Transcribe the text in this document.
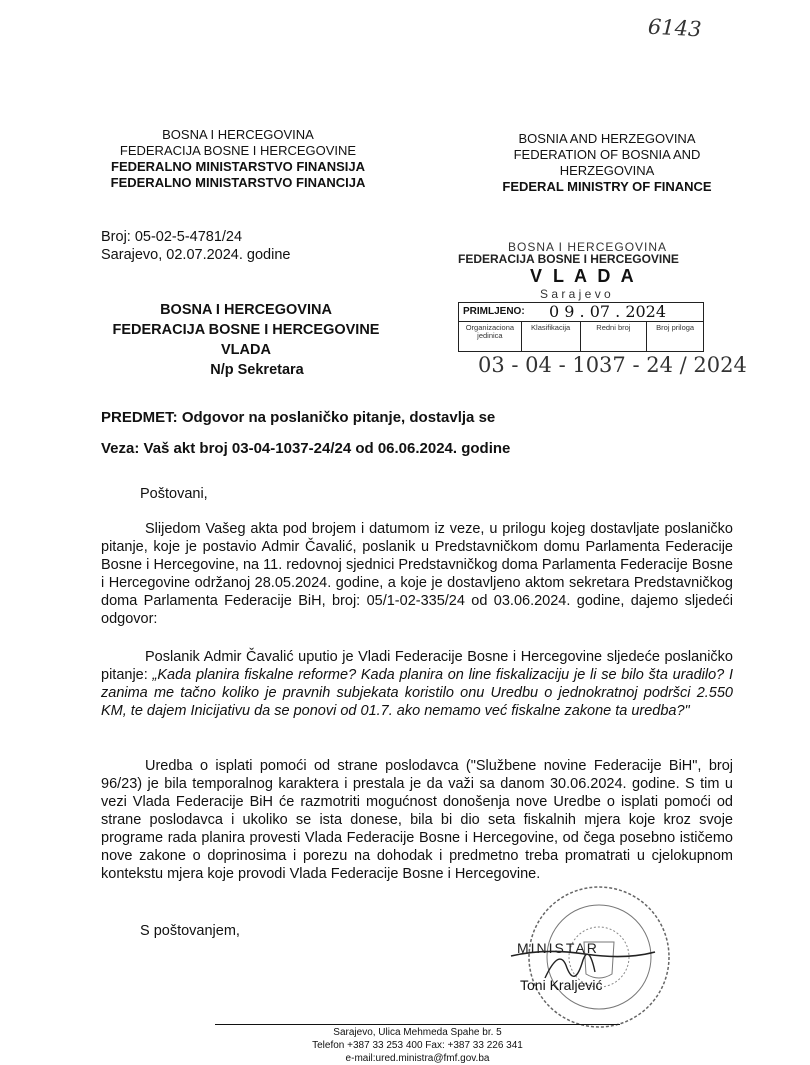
6143
BOSNA I HERCEGOVINA
FEDERACIJA BOSNE I HERCEGOVINE
FEDERALNO MINISTARSTVO FINANSIJA
FEDERALNO MINISTARSTVO FINANCIJA
BOSNIA AND HERZEGOVINA
FEDERATION OF BOSNIA AND
HERZEGOVINA
FEDERAL MINISTRY OF FINANCE
Broj: 05-02-5-4781/24
Sarajevo, 02.07.2024. godine
BOSNA I HERCEGOVINA
FEDERACIJA BOSNE I HERCEGOVINE
VLADA
N/p Sekretara
BOSNA I HERCEGOVINA
FEDERACIJA BOSNE I HERCEGOVINE
V L A D A
S a r a j e v o
PRIMLJENO: 0 9 . 07 . 2024
Organizaciona jedinica
Klasifikacija	Redni broj	Broj priloga
03 - 04 - 1037 - 24 / 2024
PREDMET: Odgovor na poslaničko pitanje, dostavlja se
Veza: Vaš akt broj 03-04-1037-24/24 od 06.06.2024. godine
Poštovani,
Slijedom Vašeg akta pod brojem i datumom iz veze, u prilogu kojeg dostavljate poslaničko pitanje, koje je postavio Admir Čavalić, poslanik u Predstavničkom domu Parlamenta Federacije Bosne i Hercegovine, na 11. redovnoj sjednici Predstavničkog doma Parlamenta Federacije Bosne i Hercegovine održanoj 28.05.2024. godine, a koje je dostavljeno aktom sekretara Predstavničkog doma Parlamenta Federacije BiH, broj: 05/1-02-335/24 od 03.06.2024. godine, dajemo sljedeći odgovor:
Poslanik Admir Čavalić uputio je Vladi Federacije Bosne i Hercegovine sljedeće poslaničko pitanje: „Kada planira fiskalne reforme? Kada planira on line fiskalizaciju je li se bilo šta uradilo? I zanima me tačno koliko je pravnih subjekata koristilo onu Uredbu o jednokratnoj podršci 2.550 KM, te dajem Inicijativu da se ponovi od 01.7. ako nemamo već fiskalne zakone ta uredba?"
Uredba o isplati pomoći od strane poslodavca ("Službene novine Federacije BiH", broj 96/23) je bila temporalnog karaktera i prestala je da važi sa danom 30.06.2024. godine. S tim u vezi Vlada Federacije BiH će razmotriti mogućnost donošenja nove Uredbe o isplati pomoći od strane poslodavca i ukoliko se ista donese, bila bi dio seta fiskalnih mjera koje kroz svoje programe rada planira provesti Vlada Federacije Bosne i Hercegovine, od čega posebno ističemo nove zakone o doprinosima i porezu na dohodak i predmetno treba promatrati u cjelokupnom kontekstu mjera koje provodi Vlada Federacije Bosne i Hercegovine.
S poštovanjem,
MINISTAR
Toni Kraljević
Sarajevo, Ulica Mehmeda Spahe br. 5
Telefon +387 33 253 400 Fax: +387 33 226 341
e-mail:ured.ministra@fmf.gov.ba
